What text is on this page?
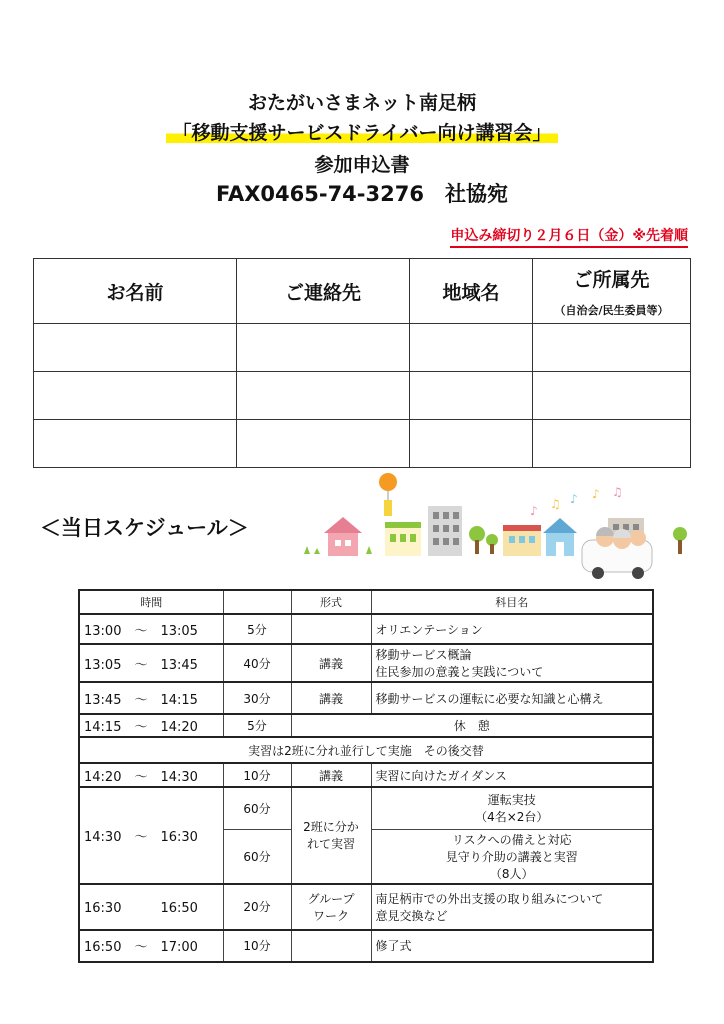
おたがいさまネット南足柄
「移動支援サービスドライバー向け講習会」
参加申込書
FAX0465-74-3276　社協宛
申込み締切り２月６日（金）※先着順
お名前	ご連絡先	地域名	ご所属先
（自治会/民生委員等）

＜当日スケジュール＞
♪ ♫ ♪ ♪ ♫
時間		形式	科目名
13:00　～　13:05	5分		オリエンテーション
13:05　～　13:45	40分	講義	移動サービス概論
住民参加の意義と実践について

13:45　～　14:15	30分	講義	移動サービスの運転に必要な知識と心構え
14:15　～　14:20	5分	休　憩	
実習は2班に分れ並行して実施　その後交替			
14:20　～　14:30	10分	講義	実習に向けたガイダンス
14:30　～　16:30	60分	2班に分かれて実習	運転実技
（4名×2台）

	60分		リスクへの備えと対応
見守り介助の講義と実習
（8人）

16:30　　　16:50	20分	グループワーク	南足柄市での外出支援の取り組みについて
意見交換など

16:50　～　17:00	10分		修了式
